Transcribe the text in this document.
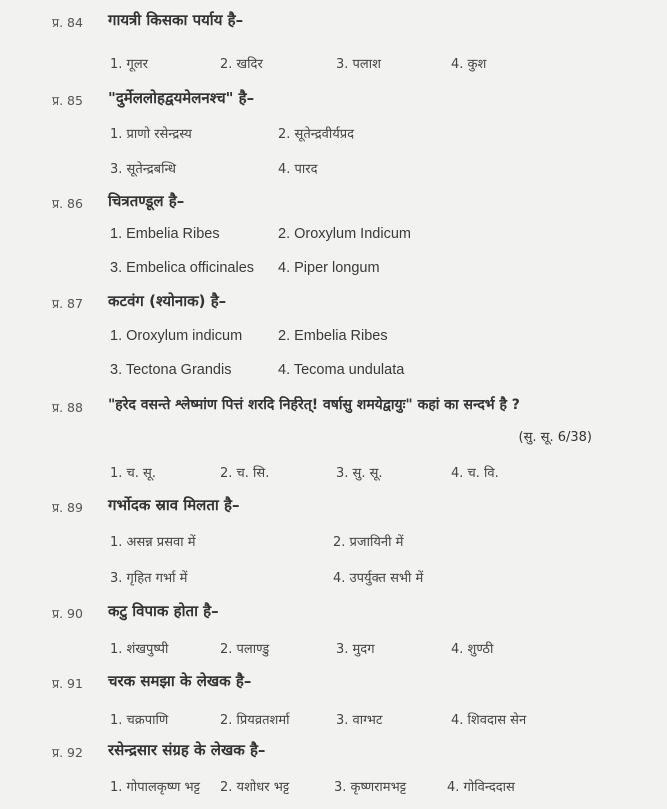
प्र. 84 गायत्री किसका पर्याय है–
1. गूलर	2. खदिर	3. पलाश	4. कुश
प्र. 85 "दुर्मेललोहद्वयमेलनश्च" है–
1. प्राणो रसेन्द्रस्य	2. सूतेन्द्रवीर्यप्रद
3. सूतेन्द्रबन्धि	4. पारद
प्र. 86 चित्रतण्डूल है–
1. Embelia Ribes	2. Oroxylum Indicum
3. Embelica officinales 4. Piper longum
प्र. 87 कटवंग (श्योनाक) है–
1. Oroxylum indicum 2. Embelia Ribes
3. Tectona Grandis	4. Tecoma undulata
प्र. 88 "हरेद वसन्ते श्लेष्मांण पित्तं शरदि निर्हरेत्! वर्षासु शमयेद्वायुः" कहां का सन्दर्भ है ?
(सु. सू. 6/38)
1. च. सू.	2. च. सि.	3. सु. सू.	4. च. वि.
प्र. 89 गर्भोदक स्राव मिलता है–
1. असन्न प्रसवा में	2. प्रजायिनी में
3. गृहित गर्भा में	4. उपर्युक्त सभी में
प्र. 90 कटु विपाक होता है–
1. शंखपुष्पी	2. पलाण्डु	3. मुदग	4. शुण्ठी
प्र. 91 चरक समझा के लेखक है–
1. चक्रपाणि	2. प्रियव्रतशर्मा	3. वाग्भट	4. शिवदास सेन
प्र. 92 रसेन्द्रसार संग्रह के लेखक है–
1. गोपालकृष्ण भट्ट 2. यशोधर भट्ट	3. कृष्णरामभट्ट	4. गोविन्ददास
